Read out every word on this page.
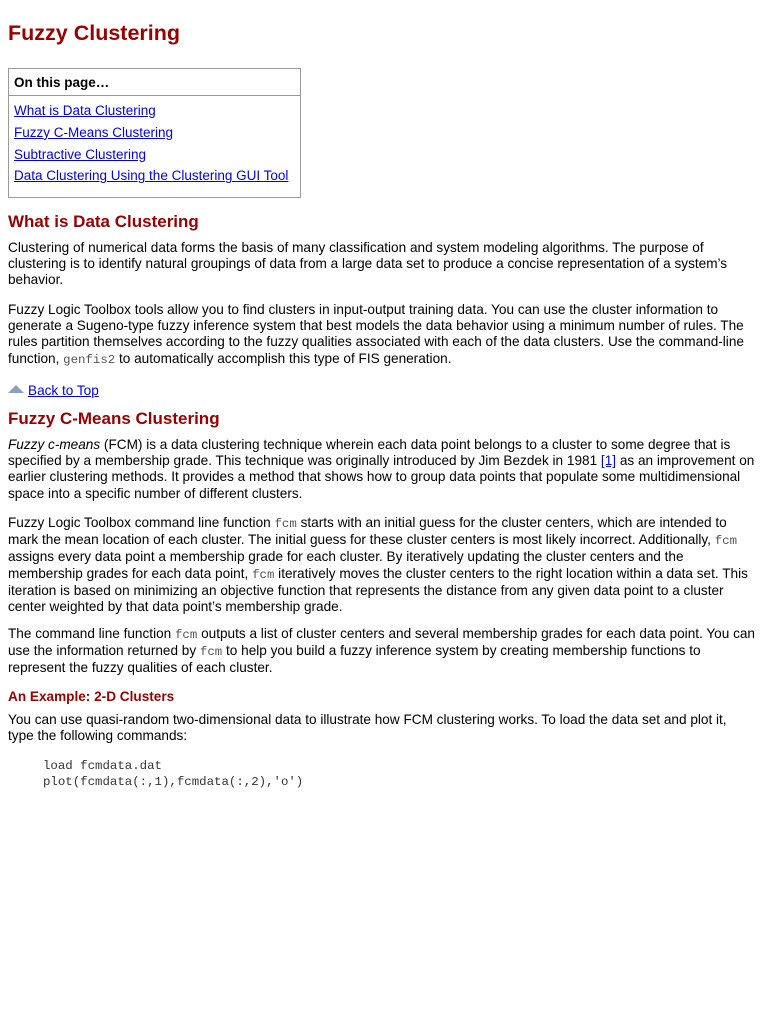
Fuzzy Clustering
On this page…
What is Data Clustering
Fuzzy C-Means Clustering
Subtractive Clustering
Data Clustering Using the Clustering GUI Tool
What is Data Clustering

Clustering of numerical data forms the basis of many classification and system modeling algorithms. The purpose of clustering is to identify natural groupings of data from a large data set to produce a concise representation of a system’s behavior.

Fuzzy Logic Toolbox tools allow you to find clusters in input-output training data. You can use the cluster information to generate a Sugeno-type fuzzy inference system that best models the data behavior using a minimum number of rules. The rules partition themselves according to the fuzzy qualities associated with each of the data clusters. Use the command-line function, genfis2 to automatically accomplish this type of FIS generation.

Back to Top
Fuzzy C-Means Clustering

Fuzzy c-means (FCM) is a data clustering technique wherein each data point belongs to a cluster to some degree that is specified by a membership grade. This technique was originally introduced by Jim Bezdek in 1981 [1] as an improvement on earlier clustering methods. It provides a method that shows how to group data points that populate some multidimensional space into a specific number of different clusters.

Fuzzy Logic Toolbox command line function fcm starts with an initial guess for the cluster centers, which are intended to mark the mean location of each cluster. The initial guess for these cluster centers is most likely incorrect. Additionally, fcm assigns every data point a membership grade for each cluster. By iteratively updating the cluster centers and the membership grades for each data point, fcm iteratively moves the cluster centers to the right location within a data set. This iteration is based on minimizing an objective function that represents the distance from any given data point to a cluster center weighted by that data point’s membership grade.

The command line function fcm outputs a list of cluster centers and several membership grades for each data point. You can use the information returned by fcm to help you build a fuzzy inference system by creating membership functions to represent the fuzzy qualities of each cluster.

An Example: 2-D Clusters

You can use quasi-random two-dimensional data to illustrate how FCM clustering works. To load the data set and plot it, type the following commands:

load fcmdata.dat
plot(fcmdata(:,1),fcmdata(:,2),'o')
